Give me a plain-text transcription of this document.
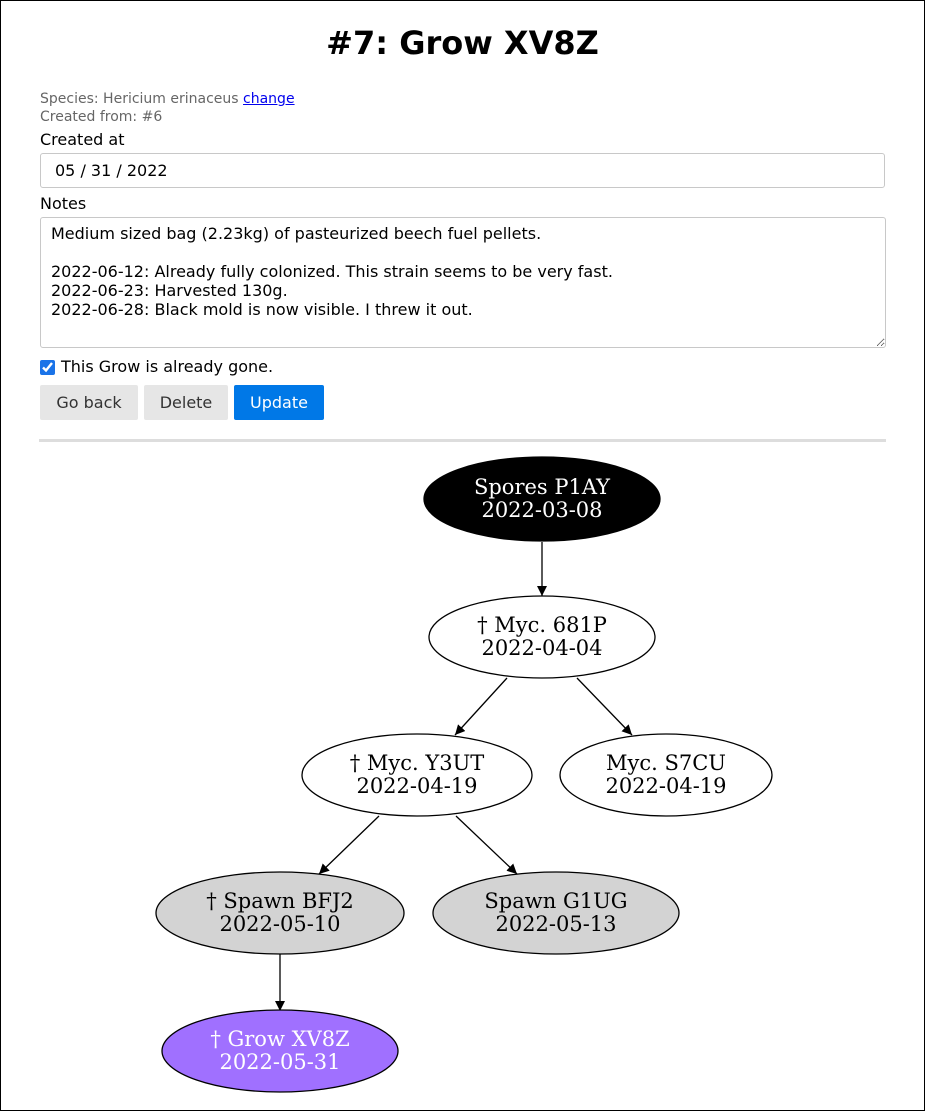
#7: Grow XV8Z
Species: Hericium erinaceus change
Created from: #6
Created at
05 / 31 / 2022
Notes
Medium sized bag (2.23kg) of pasteurized beech fuel pellets. 2022-06-12: Already fully colonized. This strain seems to be very fast. 2022-06-23: Harvested 130g. 2022-06-28: Black mold is now visible. I threw it out.
This Grow is already gone.
Go back	Delete	Update
Spores P1AY
2022-03-08
† Myc. 681P
2022-04-04
† Myc. Y3UT
2022-04-19
Myc. S7CU
2022-04-19
† Spawn BFJ2
2022-05-10
Spawn G1UG
2022-05-13
† Grow XV8Z
2022-05-31
